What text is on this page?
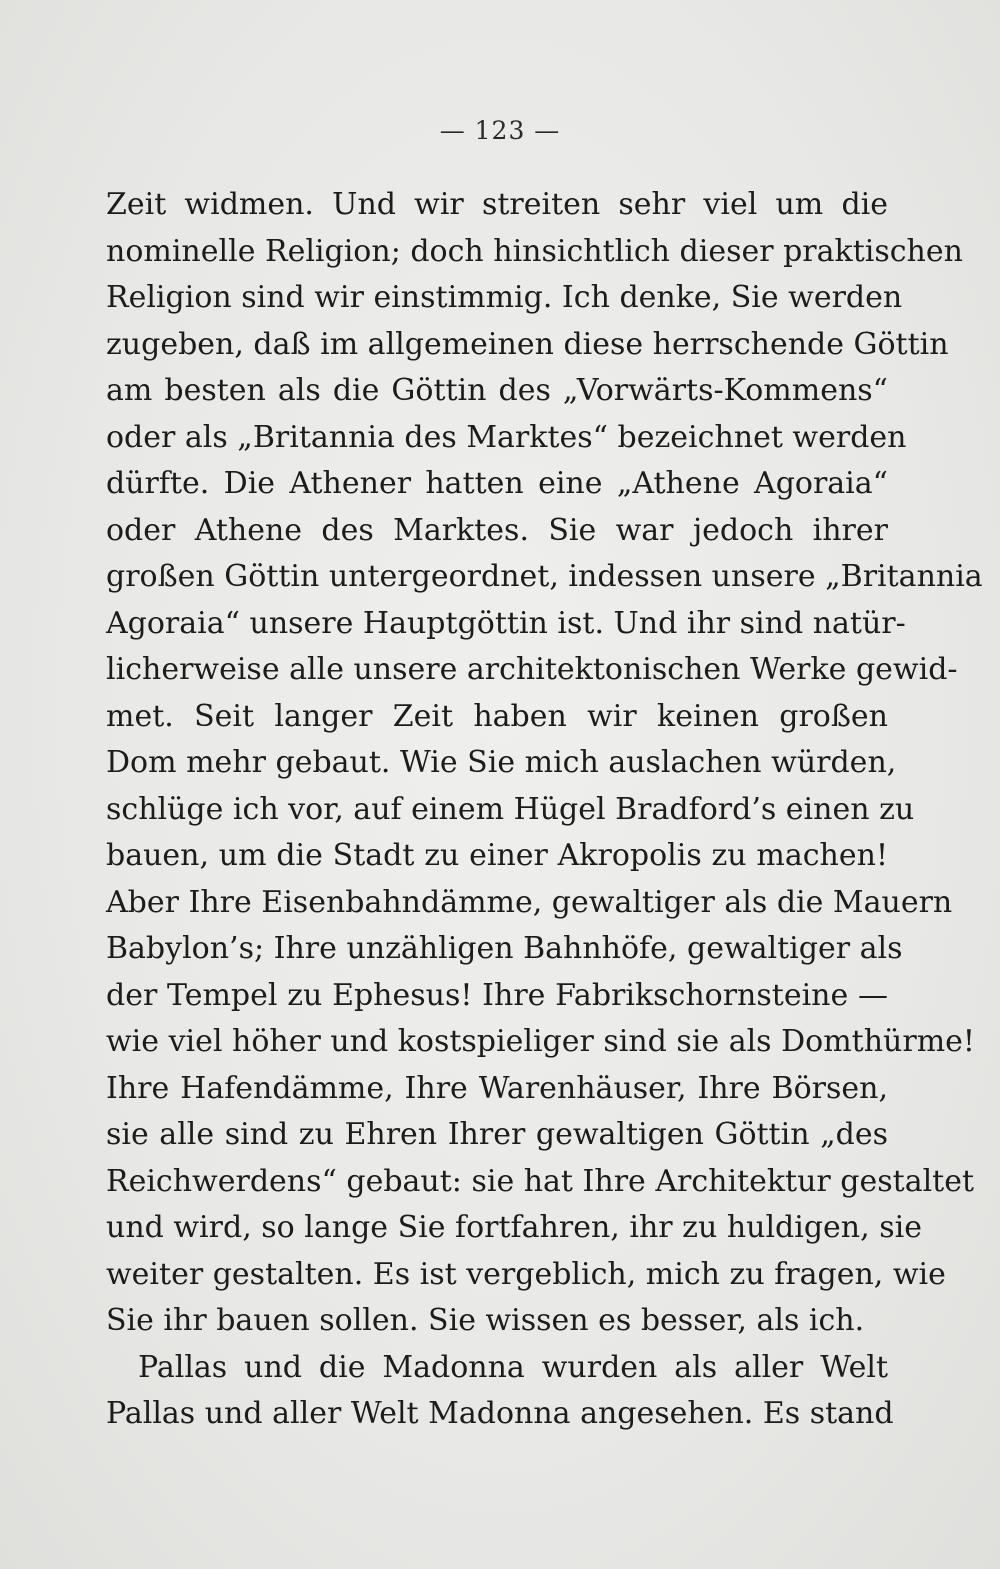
— 123 —
Zeit widmen. Und wir streiten sehr viel um die
nominelle Religion; doch hinsichtlich dieser praktischen
Religion sind wir einstimmig. Ich denke, Sie werden
zugeben, daß im allgemeinen diese herrschende Göttin
am besten als die Göttin des „Vorwärts-Kommens“
oder als „Britannia des Marktes“ bezeichnet werden
dürfte. Die Athener hatten eine „Athene Agoraia“
oder Athene des Marktes. Sie war jedoch ihrer
großen Göttin untergeordnet, indessen unsere „Britannia
Agoraia“ unsere Hauptgöttin ist. Und ihr sind natür-
licherweise alle unsere architektonischen Werke gewid-
met. Seit langer Zeit haben wir keinen großen
Dom mehr gebaut. Wie Sie mich auslachen würden,
schlüge ich vor, auf einem Hügel Bradford’s einen zu
bauen, um die Stadt zu einer Akropolis zu machen!
Aber Ihre Eisenbahndämme, gewaltiger als die Mauern
Babylon’s; Ihre unzähligen Bahnhöfe, gewaltiger als
der Tempel zu Ephesus! Ihre Fabrikschornsteine —
wie viel höher und kostspieliger sind sie als Domthürme!
Ihre Hafendämme, Ihre Warenhäuser, Ihre Börsen,
sie alle sind zu Ehren Ihrer gewaltigen Göttin „des
Reichwerdens“ gebaut: sie hat Ihre Architektur gestaltet
und wird, so lange Sie fortfahren, ihr zu huldigen, sie
weiter gestalten. Es ist vergeblich, mich zu fragen, wie
Sie ihr bauen sollen. Sie wissen es besser, als ich.
Pallas und die Madonna wurden als aller Welt
Pallas und aller Welt Madonna angesehen. Es stand
